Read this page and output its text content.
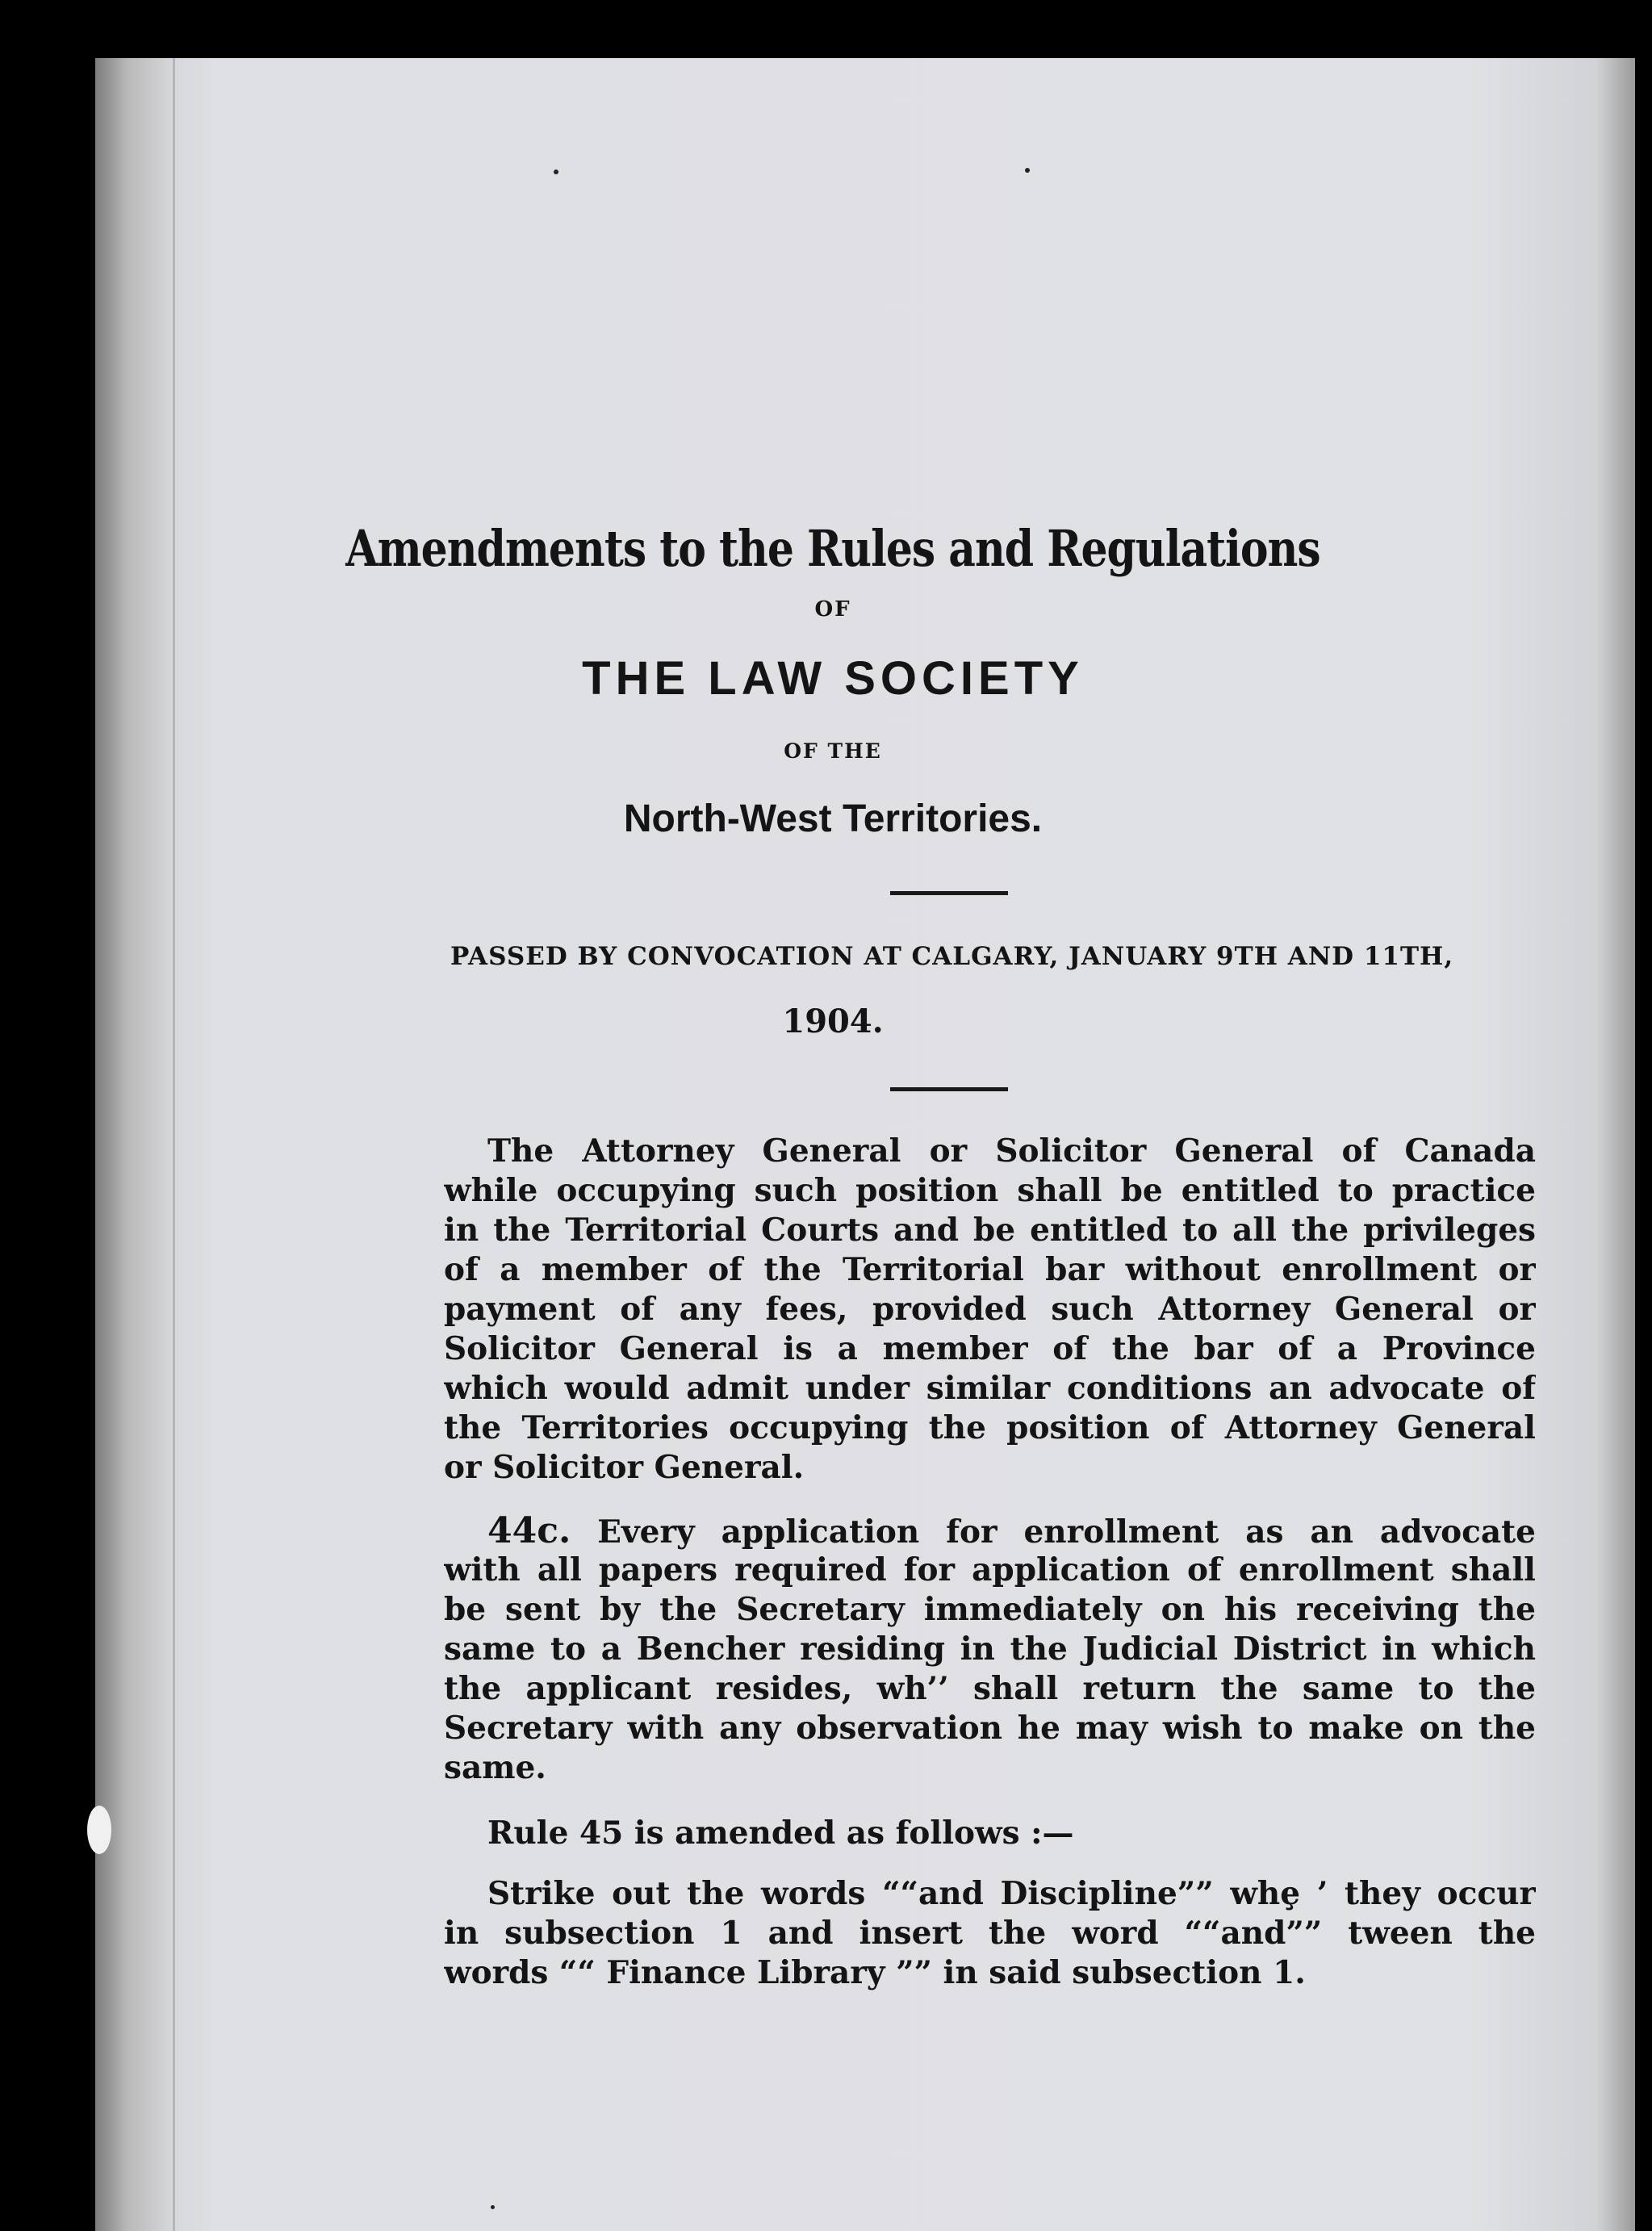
Amendments to the Rules and Regulations
OF
THE LAW SOCIETY
OF THE
North-West Territories.
PASSED BY CONVOCATION AT CALGARY, JANUARY 9TH AND 11TH,
1904.
The Attorney General or Solicitor General of Canada
while occupying such position shall be entitled to practice
in the Territorial Courts and be entitled to all the privileges
of a member of the Territorial bar without enrollment or
payment of any fees, provided such Attorney General or
Solicitor General is a member of the bar of a Province
which would admit under similar conditions an advocate of
the Territories occupying the position of Attorney General
or Solicitor General.
44c. Every application for enrollment as an advocate
with all papers required for application of enrollment shall
be sent by the Secretary immediately on his receiving the
same to a Bencher residing in the Judicial District in which
the applicant resides, wh’’ shall return the same to the
Secretary with any observation he may wish to make on the
same.
Rule 45 is amended as follows :—
Strike out the words ““and Discipline”” whȩ ’ they occur
in subsection 1 and insert the word ““and”” tween the
words ““ Finance Library ”” in said subsection 1.
